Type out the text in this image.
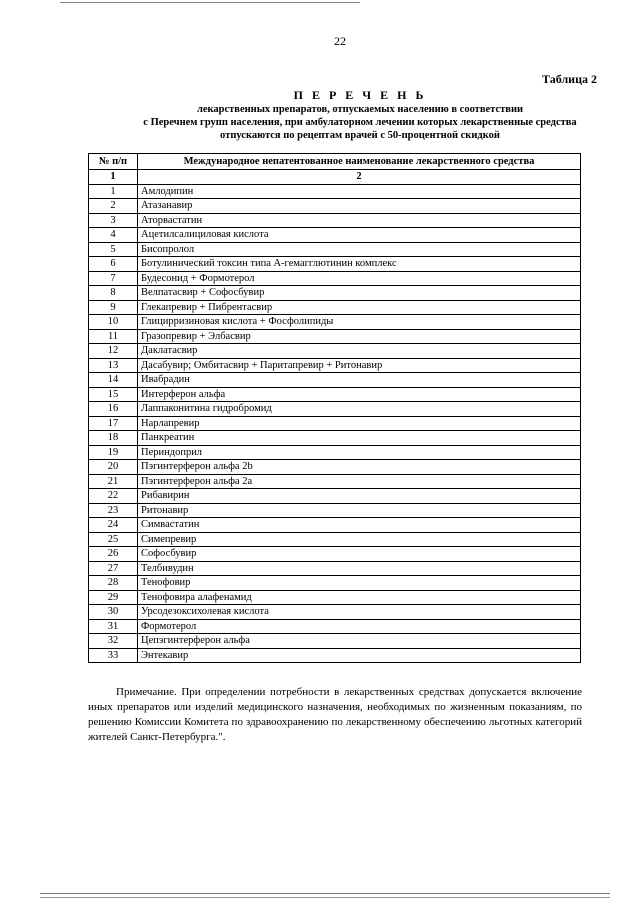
22
Таблица 2
П Е Р Е Ч Е Н Ь
лекарственных препаратов, отпускаемых населению в соответствии
с Перечнем групп населения, при амбулаторном лечении которых лекарственные средства
отпускаются по рецептам врачей с 50-процентной скидкой
№ п/п	Международное непатентованное наименование лекарственного средства
1	2
1	Амлодипин
2	Атазанавир
3	Аторвастатин
4	Ацетилсалициловая кислота
5	Бисопролол
6	Ботулинический токсин типа А-гемагглютинин комплекс
7	Будесонид + Формотерол
8	Велпатасвир + Софосбувир
9	Глекапревир + Пибрентасвир
10	Глицирризиновая кислота + Фосфолипиды
11	Гразопревир + Элбасвир
12	Даклатасвир
13	Дасабувир; Омбитасвир + Паритапревир + Ритонавир
14	Ивабрадин
15	Интерферон альфа
16	Лаппаконитина гидробромид
17	Нарлапревир
18	Панкреатин
19	Периндоприл
20	Пэгинтерферон альфа 2b
21	Пэгинтерферон альфа 2a
22	Рибавирин
23	Ритонавир
24	Симвастатин
25	Симепревир
26	Софосбувир
27	Телбивудин
28	Тенофовир
29	Тенофовира алафенамид
30	Урсодезоксихолевая кислота
31	Формотерол
32	Цепэгинтерферон альфа
33	Энтекавир
Примечание. При определении потребности в лекарственных средствах допускается включение иных препаратов или изделий медицинского назначения, необходимых по жизненным показаниям, по решению Комиссии Комитета по здравоохранению по лекарственному обеспечению льготных категорий жителей Санкт-Петербурга.".
